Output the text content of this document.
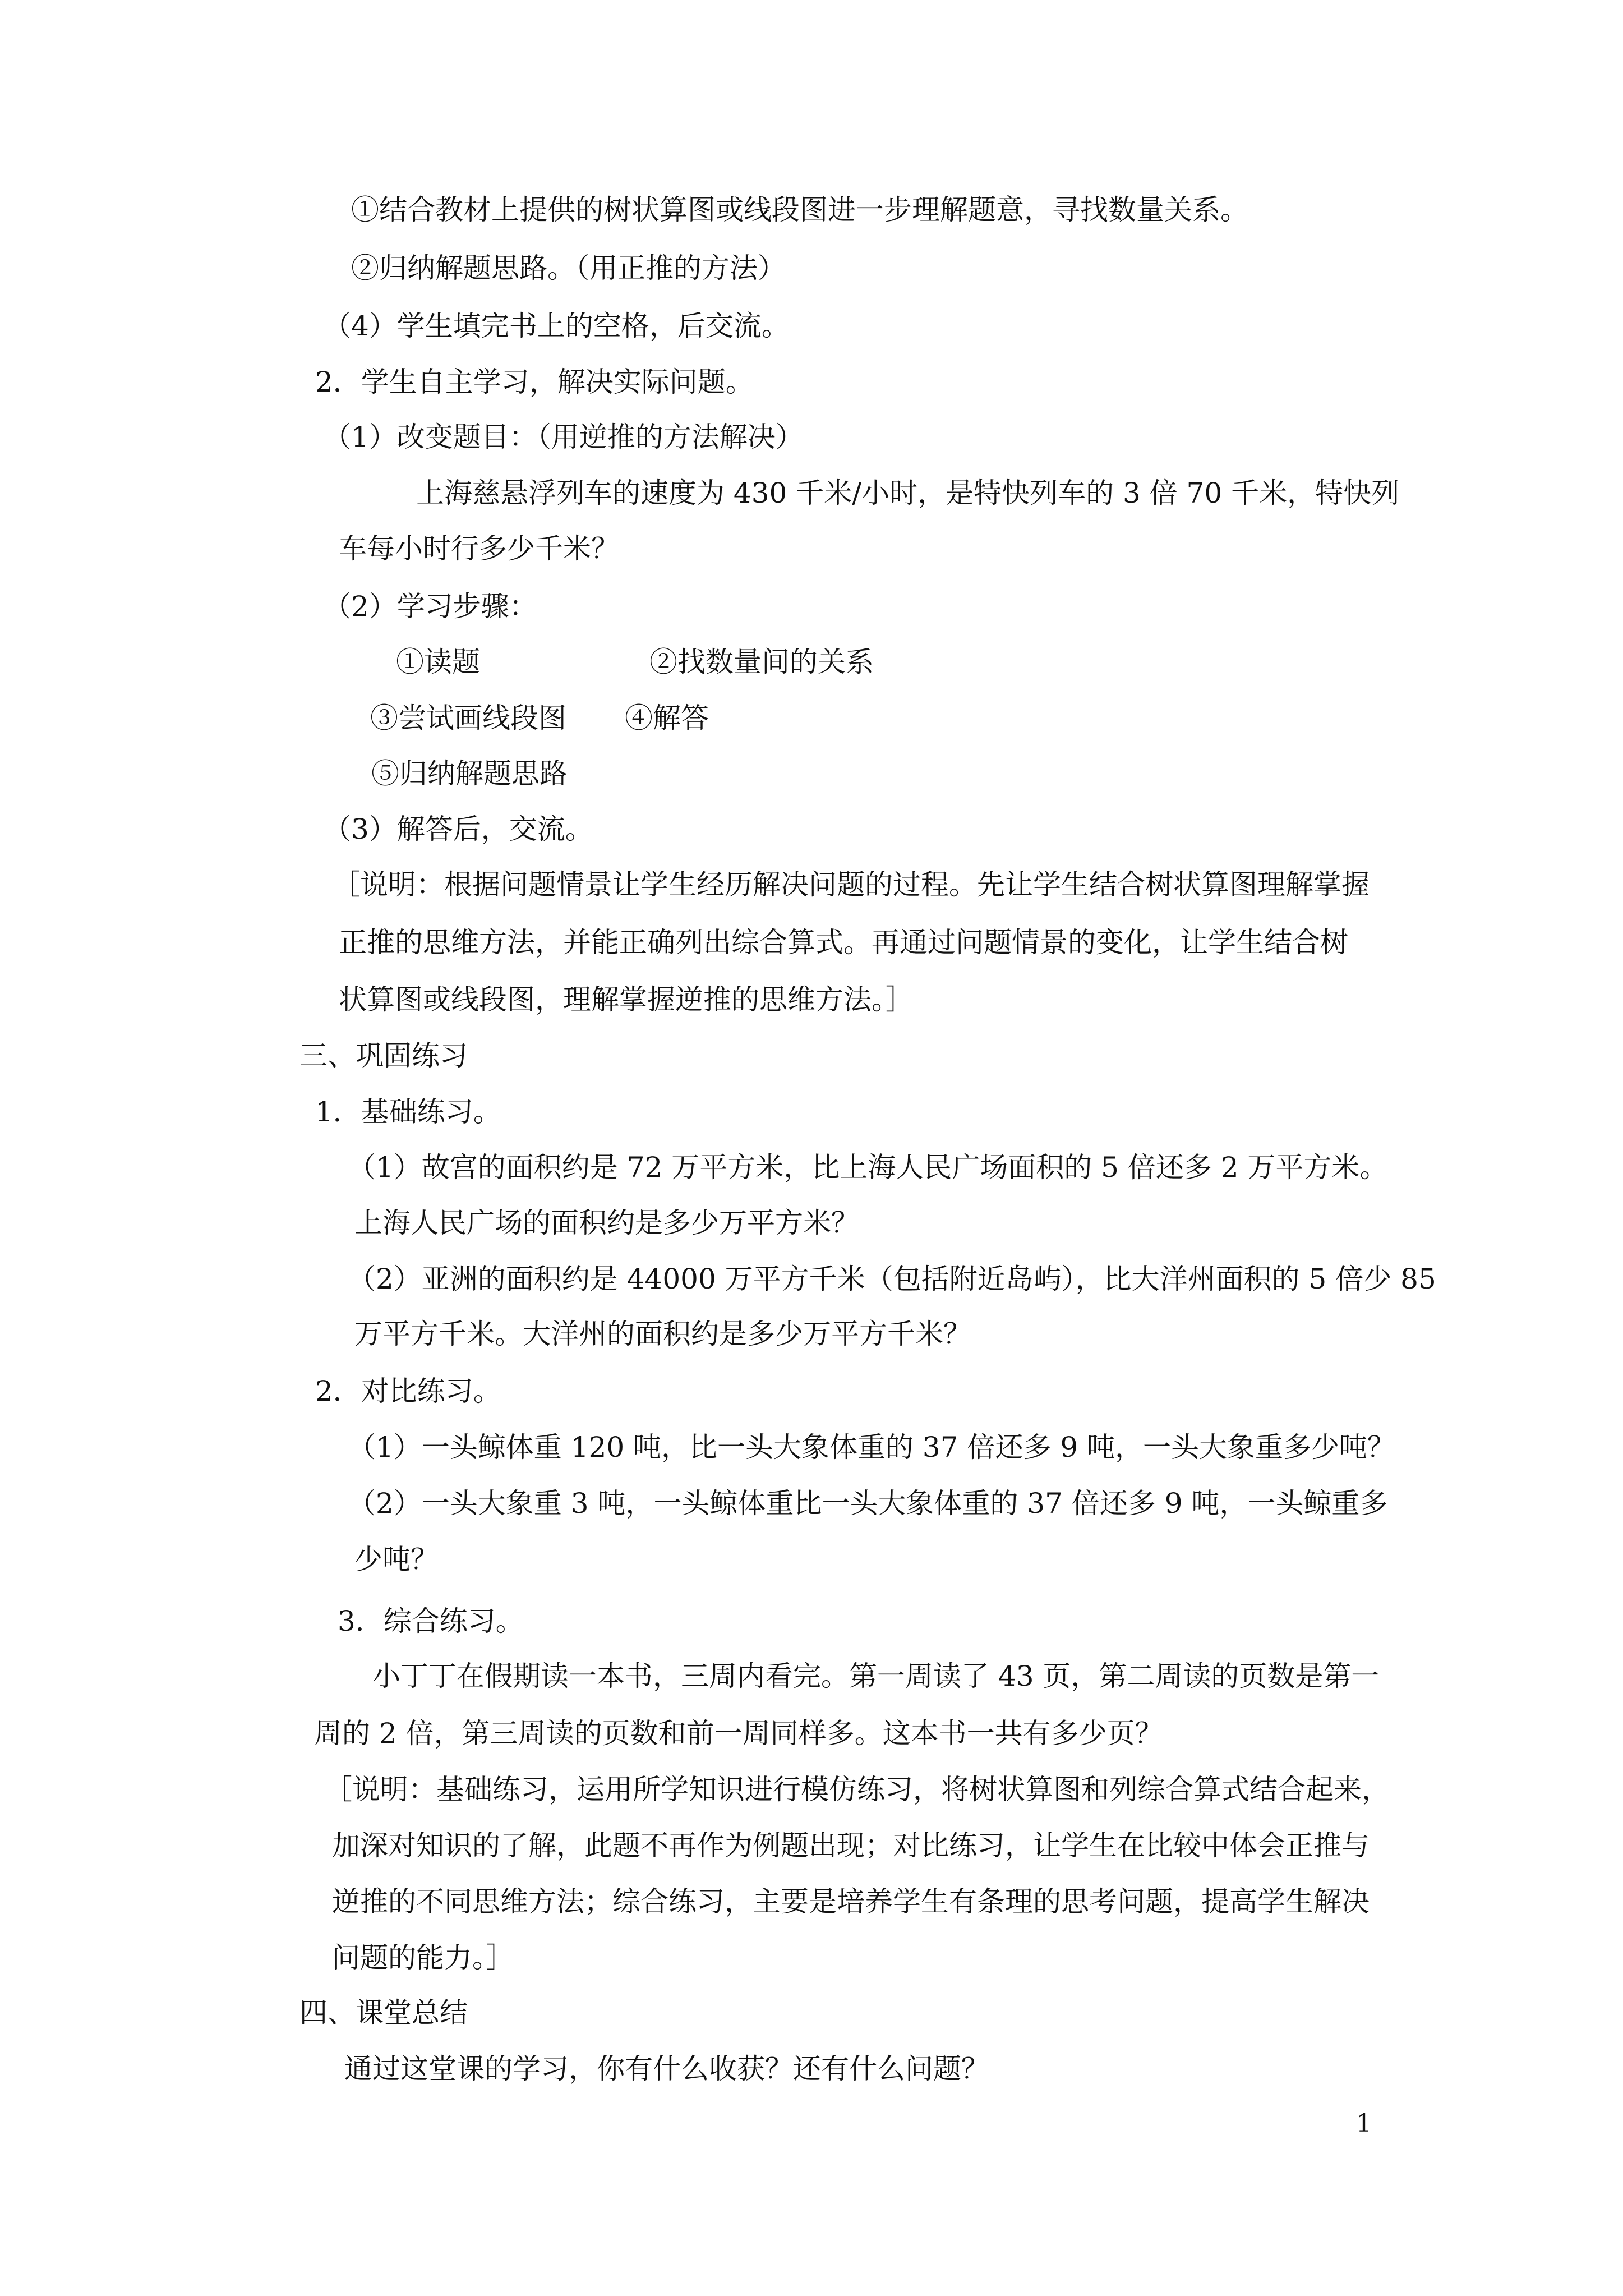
①结合教材上提供的树状算图或线段图进一步理解题意，寻找数量关系。
②归纳解题思路。（用正推的方法）
（4）学生填完书上的空格，后交流。
2．学生自主学习，解决实际问题。
（1）改变题目：（用逆推的方法解决）
上海慈悬浮列车的速度为 430 千米/小时，是特快列车的 3 倍 70 千米，特快列
车每小时行多少千米？
（2）学习步骤：
①读题	②找数量间的关系
③尝试画线段图 ④解答
⑤归纳解题思路
（3）解答后，交流。
［说明：根据问题情景让学生经历解决问题的过程。先让学生结合树状算图理解掌握
正推的思维方法，并能正确列出综合算式。再通过问题情景的变化，让学生结合树
状算图或线段图，理解掌握逆推的思维方法。］
三、巩固练习
1．基础练习。
（1）故宫的面积约是 72 万平方米，比上海人民广场面积的 5 倍还多 2 万平方米。
上海人民广场的面积约是多少万平方米？
（2）亚洲的面积约是 44000 万平方千米（包括附近岛屿），比大洋州面积的 5 倍少 85
万平方千米。大洋州的面积约是多少万平方千米？
2．对比练习。
（1）一头鲸体重 120 吨，比一头大象体重的 37 倍还多 9 吨，一头大象重多少吨？
（2）一头大象重 3 吨，一头鲸体重比一头大象体重的 37 倍还多 9 吨，一头鲸重多
少吨？
3．综合练习。
小丁丁在假期读一本书，三周内看完。第一周读了 43 页，第二周读的页数是第一
周的 2 倍，第三周读的页数和前一周同样多。这本书一共有多少页？
［说明：基础练习，运用所学知识进行模仿练习，将树状算图和列综合算式结合起来，
加深对知识的了解，此题不再作为例题出现；对比练习，让学生在比较中体会正推与
逆推的不同思维方法；综合练习，主要是培养学生有条理的思考问题，提高学生解决
问题的能力。］
四、课堂总结
通过这堂课的学习，你有什么收获？还有什么问题？
1
